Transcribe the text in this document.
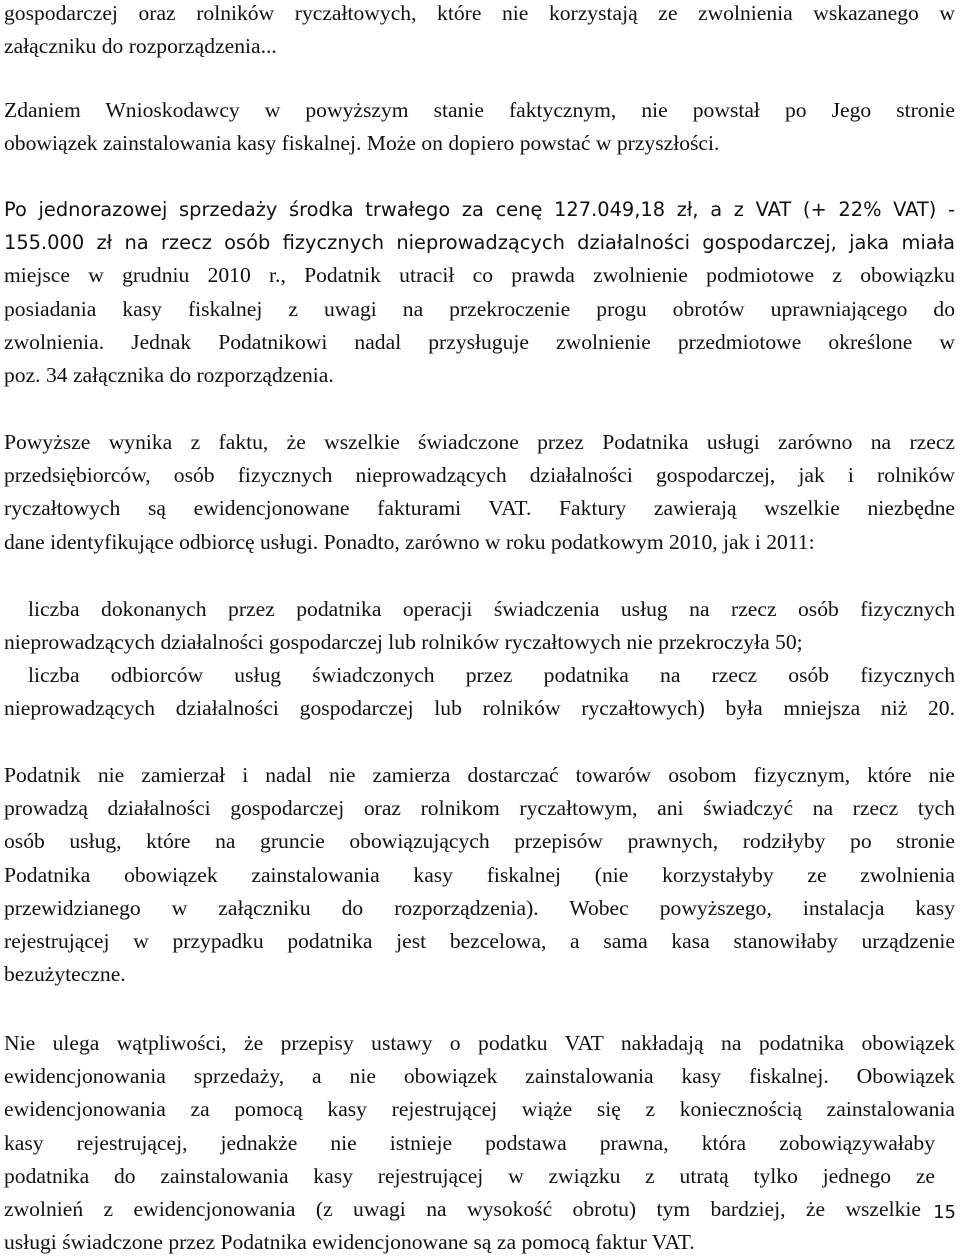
gospodarczej oraz rolników ryczałtowych, które nie korzystają ze zwolnienia wskazanego w
załączniku do rozporządzenia...
Zdaniem Wnioskodawcy w powyższym stanie faktycznym, nie powstał po Jego stronie
obowiązek zainstalowania kasy fiskalnej. Może on dopiero powstać w przyszłości.
Po jednorazowej sprzedaży środka trwałego za cenę 127.049,18 zł, a z VAT (+ 22% VAT) -
155.000 zł na rzecz osób fizycznych nieprowadzących działalności gospodarczej, jaka miała
miejsce w grudniu 2010 r., Podatnik utracił co prawda zwolnienie podmiotowe z obowiązku
posiadania kasy fiskalnej z uwagi na przekroczenie progu obrotów uprawniającego do
zwolnienia. Jednak Podatnikowi nadal przysługuje zwolnienie przedmiotowe określone w
poz. 34 załącznika do rozporządzenia.
Powyższe wynika z faktu, że wszelkie świadczone przez Podatnika usługi zarówno na rzecz
przedsiębiorców, osób fizycznych nieprowadzących działalności gospodarczej, jak i rolników
ryczałtowych są ewidencjonowane fakturami VAT. Faktury zawierają wszelkie niezbędne
dane identyfikujące odbiorcę usługi. Ponadto, zarówno w roku podatkowym 2010, jak i 2011:
liczba dokonanych przez podatnika operacji świadczenia usług na rzecz osób fizycznych
nieprowadzących działalności gospodarczej lub rolników ryczałtowych nie przekroczyła 50;
liczba odbiorców usług świadczonych przez podatnika na rzecz osób fizycznych
nieprowadzących działalności gospodarczej lub rolników ryczałtowych) była mniejsza niż 20.
Podatnik nie zamierzał i nadal nie zamierza dostarczać towarów osobom fizycznym, które nie
prowadzą działalności gospodarczej oraz rolnikom ryczałtowym, ani świadczyć na rzecz tych
osób usług, które na gruncie obowiązujących przepisów prawnych, rodziłyby po stronie
Podatnika obowiązek zainstalowania kasy fiskalnej (nie korzystałyby ze zwolnienia
przewidzianego w załączniku do rozporządzenia). Wobec powyższego, instalacja kasy
rejestrującej w przypadku podatnika jest bezcelowa, a sama kasa stanowiłaby urządzenie
bezużyteczne.
Nie ulega wątpliwości, że przepisy ustawy o podatku VAT nakładają na podatnika obowiązek
ewidencjonowania sprzedaży, a nie obowiązek zainstalowania kasy fiskalnej. Obowiązek
ewidencjonowania za pomocą kasy rejestrującej wiąże się z koniecznością zainstalowania
kasy rejestrującej, jednakże nie istnieje podstawa prawna, która zobowiązywałaby
podatnika do zainstalowania kasy rejestrującej w związku z utratą tylko jednego ze
zwolnień z ewidencjonowania (z uwagi na wysokość obrotu) tym bardziej, że wszelkie
usługi świadczone przez Podatnika ewidencjonowane są za pomocą faktur VAT.
15
